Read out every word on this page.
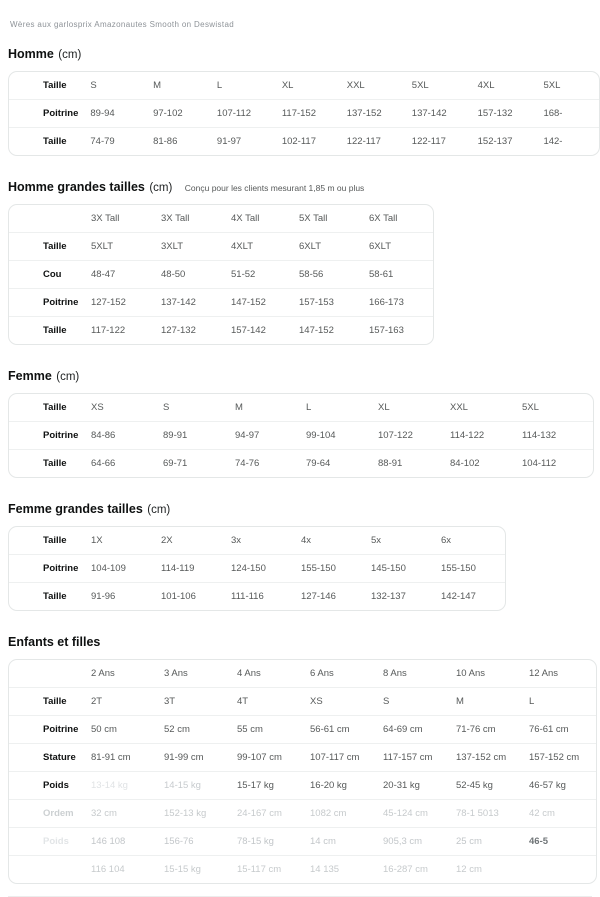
Wères aux garlosprix Amazonautes Smooth on Deswistad
Homme (cm)
Taille	S	M	L	XL	XXL	5XL	4XL	5XL
Poitrine	89-94	97-102	107-112	117-152	137-152	137-142	157-132	168-
Taille	74-79	81-86	91-97	102-117	122-117	122-117	152-137	142-
Homme grandes tailles (cm) Conçu pour les clients mesurant 1,85 m ou plus
	3X Tall	3X Tall	4X Tall	5X Tall	6X Tall
Taille	5XLT	3XLT	4XLT	6XLT	6XLT
Cou	48-47	48-50	51-52	58-56	58-61
Poitrine	127-152	137-142	147-152	157-153	166-173
Taille	117-122	127-132	157-142	147-152	157-163
Femme (cm)
Taille	XS	S	M	L	XL	XXL	5XL
Poitrine	84-86	89-91	94-97	99-104	107-122	114-122	114-132
Taille	64-66	69-71	74-76	79-64	88-91	84-102	104-112
Femme grandes tailles (cm)
Taille	1X	2X	3x	4x	5x	6x
Poitrine	104-109	114-119	124-150	155-150	145-150	155-150
Taille	91-96	101-106	111-116	127-146	132-137	142-147
Enfants et filles
	2 Ans	3 Ans	4 Ans	6 Ans	8 Ans	10 Ans	12 Ans
Taille	2T	3T	4T	XS	S	M	L
Poitrine	50 cm	52 cm	55 cm	56-61 cm	64-69 cm	71-76 cm	76-61 cm
Stature	81-91 cm	91-99 cm	99-107 cm	107-117 cm	117-157 cm	137-152 cm	157-152 cm
Poids	13-14 kg	14-15 kg	15-17 kg	16-20 kg	20-31 kg	52-45 kg	46-57 kg
Ordem	32 cm	152-13 kg	24-167 cm	1082 cm	45-124 cm	78-1 5013	42 cm
Poids	146 108	156-76	78-15 kg	14 cm	905,3 cm	25 cm	46-5
	116 104	15-15 kg	15-117 cm	14 135	16-287 cm	12 cm	
